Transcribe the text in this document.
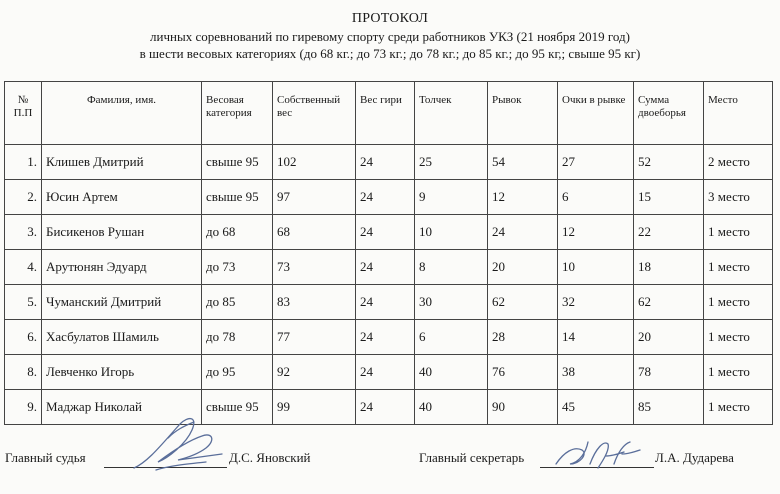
ПРОТОКОЛ
личных соревнований по гиревому спорту среди работников УКЗ (21 ноября 2019 год)
в шести весовых категориях (до 68 кг.; до 73 кг.; до 78 кг.; до 85 кг.; до 95 кг,; свыше 95 кг)
№ П.П	Фамилия, имя.	Весовая категория	Собственный вес	Вес гири	Толчек	Рывок	Очки в рывке	Сумма двоеборья	Место
1.	Клишев Дмитрий	свыше 95	102	24	25	54	27	52	2 место
2.	Юсин Артем	свыше 95	97	24	9	12	6	15	3 место
3.	Бисикенов Рушан	до 68	68	24	10	24	12	22	1 место
4.	Арутюнян Эдуард	до 73	73	24	8	20	10	18	1 место
5.	Чуманский Дмитрий	до 85	83	24	30	62	32	62	1 место
6.	Хасбулатов Шамиль	до 78	77	24	6	28	14	20	1 место
8.	Левченко Игорь	до 95	92	24	40	76	38	78	1 место
9.	Маджар Николай	свыше 95	99	24	40	90	45	85	1 место
Главный судья	Д.С. Яновский	Главный секретарь	Л.А. Дударева
